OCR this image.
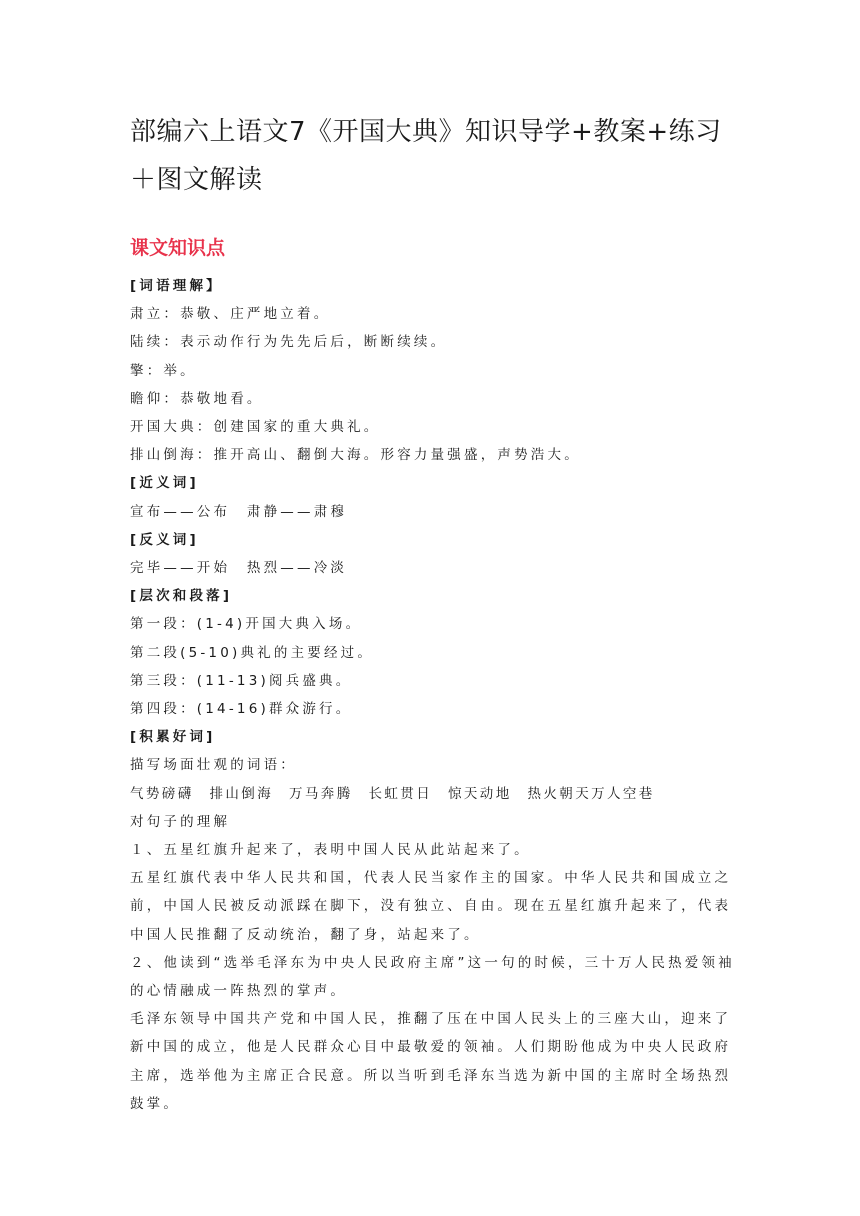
部编六上语文7《开国大典》知识导学+教案+练习＋图文解读
课文知识点

[词语理解】

肃立：恭敬、庄严地立着。

陆续：表示动作行为先先后后，断断续续。

擎：举。

瞻仰：恭敬地看。

开国大典：创建国家的重大典礼。

排山倒海：推开高山、翻倒大海。形容力量强盛，声势浩大。

[近义词]

宣布——公布　肃静——肃穆

[反义词]

完毕——开始　热烈——冷淡

[层次和段落]

第一段：(1-4)开国大典入场。

第二段(5-10)典礼的主要经过。

第三段：(11-13)阅兵盛典。

第四段：(14-16)群众游行。

[积累好词]

描写场面壮观的词语：

气势磅礴　排山倒海　万马奔腾　长虹贯日　惊天动地　热火朝天万人空巷

对句子的理解

１、五星红旗升起来了，表明中国人民从此站起来了。

五星红旗代表中华人民共和国，代表人民当家作主的国家。中华人民共和国成立之前，中国人民被反动派踩在脚下，没有独立、自由。现在五星红旗升起来了，代表中国人民推翻了反动统治，翻了身，站起来了。

２、他读到“选举毛泽东为中央人民政府主席”这一句的时候，三十万人民热爱领袖的心情融成一阵热烈的掌声。

毛泽东领导中国共产党和中国人民，推翻了压在中国人民头上的三座大山，迎来了新中国的成立，他是人民群众心目中最敬爱的领袖。人们期盼他成为中央人民政府主席，选举他为主席正合民意。所以当听到毛泽东当选为新中国的主席时全场热烈鼓掌。
